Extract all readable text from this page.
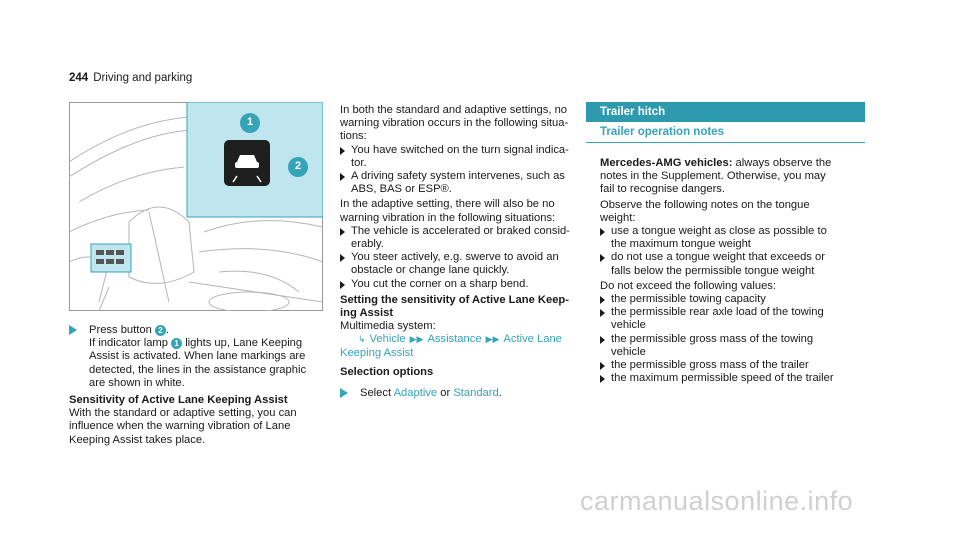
244 Driving and parking
1
2
Press button 2 .
If indicator lamp 1 lights up, Lane Keeping
Assist is activated. When lane markings are
detected, the lines in the assistance graphic
are shown in white.

Sensitivity of Active Lane Keeping Assist

With the standard or adaptive setting, you can

influence when the warning vibration of Lane

Keeping Assist takes place.

In both the standard and adaptive settings, no

warning vibration occurs in the following situa-

tions:

You have switched on the turn signal indica-
tor.
A driving safety system intervenes, such as
ABS, BAS or ESP®.

In the adaptive setting, there will also be no

warning vibration in the following situations:

The vehicle is accelerated or braked consid-
erably.
You steer actively, e.g. swerve to avoid an
obstacle or change lane quickly.
You cut the corner on a sharp bend.

Setting the sensitivity of Active Lane Keep-

ing Assist

Multimedia system:

↳ Vehicle ▶▶ Assistance ▶▶ Active Lane

Keeping Assist

Selection options

Select Adaptive or Standard.
Trailer hitch
Trailer operation notes

Mercedes-AMG vehicles: always observe the

notes in the Supplement. Otherwise, you may

fail to recognise dangers.

Observe the following notes on the tongue

weight:

use a tongue weight as close as possible to
the maximum tongue weight
do not use a tongue weight that exceeds or
falls below the permissible tongue weight

Do not exceed the following values:

the permissible towing capacity
the permissible rear axle load of the towing
vehicle
the permissible gross mass of the towing
vehicle
the permissible gross mass of the trailer
the maximum permissible speed of the trailer
carmanualsonline.info
